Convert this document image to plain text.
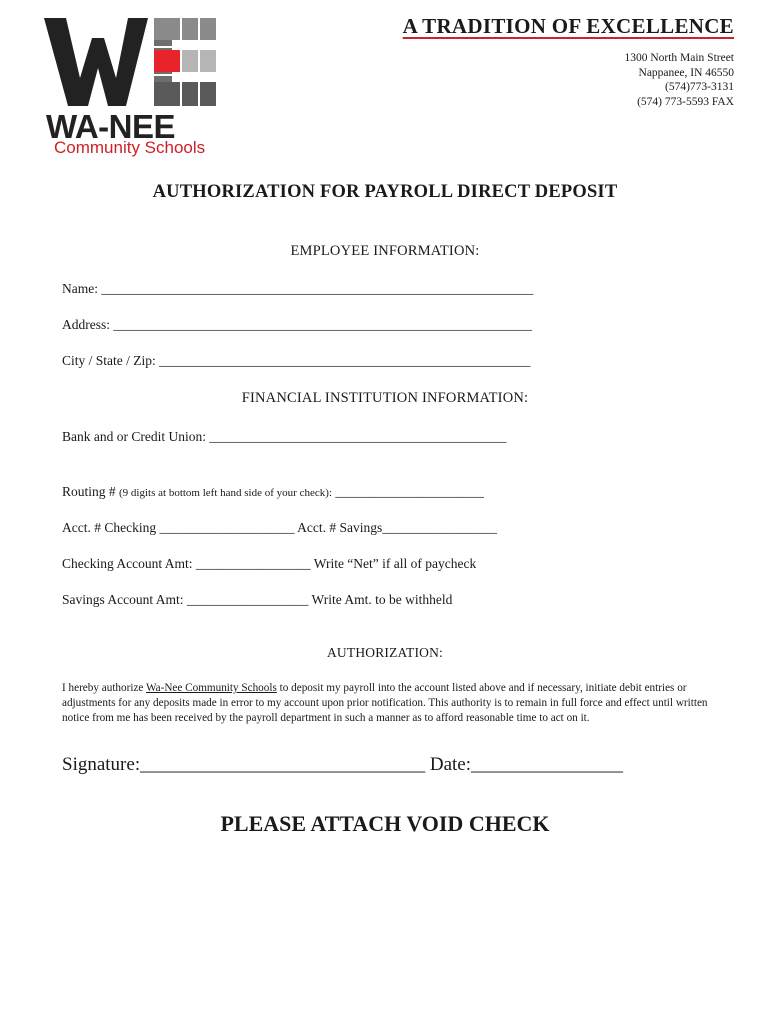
WA-NEE
Community Schools
A TRADITION OF EXCELLENCE
1300 North Main Street
Nappanee, IN 46550
(574)773-3131
(574) 773-5593 FAX
AUTHORIZATION FOR PAYROLL DIRECT DEPOSIT
EMPLOYEE INFORMATION:
Name: ________________________________________________________________
Address: ______________________________________________________________
City / State / Zip: _______________________________________________________
FINANCIAL INSTITUTION INFORMATION:
Bank and or Credit Union: ____________________________________________
Routing # (9 digits at bottom left hand side of your check): ______________________
Acct. # Checking ____________________ Acct. # Savings_________________
Checking Account Amt: _________________ Write “Net” if all of paycheck
Savings Account Amt: __________________ Write Amt. to be withheld
AUTHORIZATION:
I hereby authorize Wa-Nee Community Schools to deposit my payroll into the account listed above and if necessary, initiate debit entries or adjustments for any deposits made in error to my account upon prior notification. This authority is to remain in full force and effect until written notice from me has been received by the payroll department in such a manner as to afford reasonable time to act on it.
Signature:______________________________ Date:________________
PLEASE ATTACH VOID CHECK
